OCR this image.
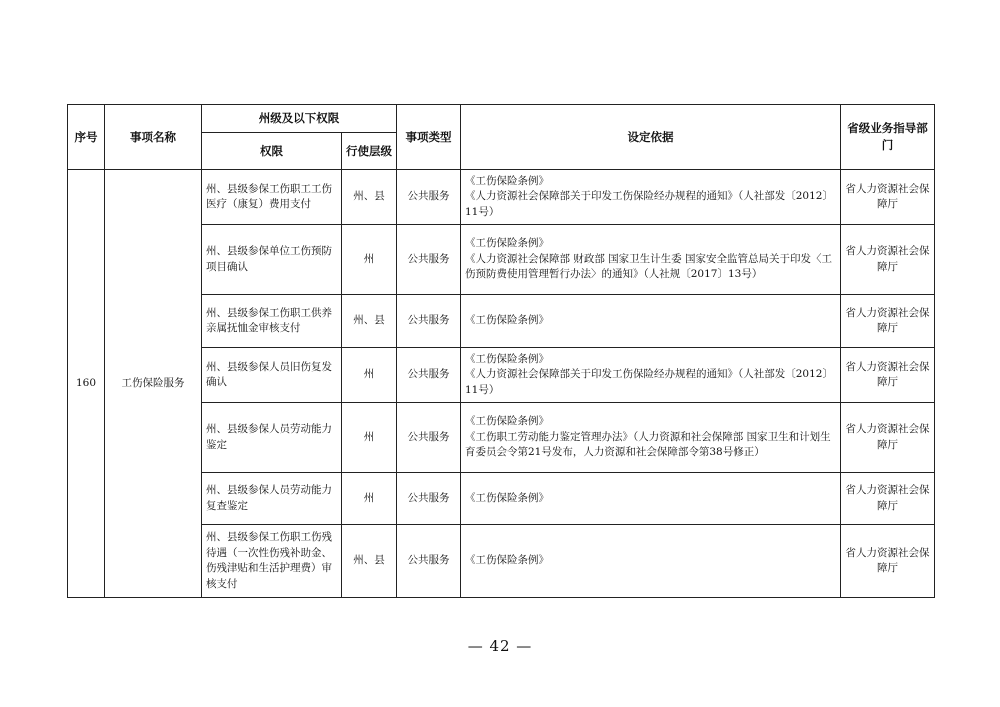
序号	事项名称	州级及以下权限		事项类型	设定依据	省级业务指导部门
		权限	行使层级			
160	工伤保险服务	州、县级参保工伤职工工伤医疗（康复）费用支付	州、县	公共服务	《工伤保险条例》
《人力资源社会保障部关于印发工伤保险经办规程的通知》（人社部发〔2012〕11号）	省人力资源社会保障厅
		州、县级参保单位工伤预防项目确认	州	公共服务	《工伤保险条例》
《人力资源社会保障部 财政部 国家卫生计生委 国家安全监管总局关于印发〈工伤预防费使用管理暂行办法〉的通知》（人社规〔2017〕13号）	省人力资源社会保障厅
		州、县级参保工伤职工供养亲属抚恤金审核支付	州、县	公共服务	《工伤保险条例》	省人力资源社会保障厅
		州、县级参保人员旧伤复发确认	州	公共服务	《工伤保险条例》
《人力资源社会保障部关于印发工伤保险经办规程的通知》（人社部发〔2012〕11号）	省人力资源社会保障厅
		州、县级参保人员劳动能力鉴定	州	公共服务	《工伤保险条例》
《工伤职工劳动能力鉴定管理办法》（人力资源和社会保障部 国家卫生和计划生育委员会令第21号发布，人力资源和社会保障部令第38号修正）	省人力资源社会保障厅
		州、县级参保人员劳动能力复查鉴定	州	公共服务	《工伤保险条例》	省人力资源社会保障厅
		州、县级参保工伤职工伤残待遇（一次性伤残补助金、伤残津贴和生活护理费）审核支付	州、县	公共服务	《工伤保险条例》	省人力资源社会保障厅
— 42 —
